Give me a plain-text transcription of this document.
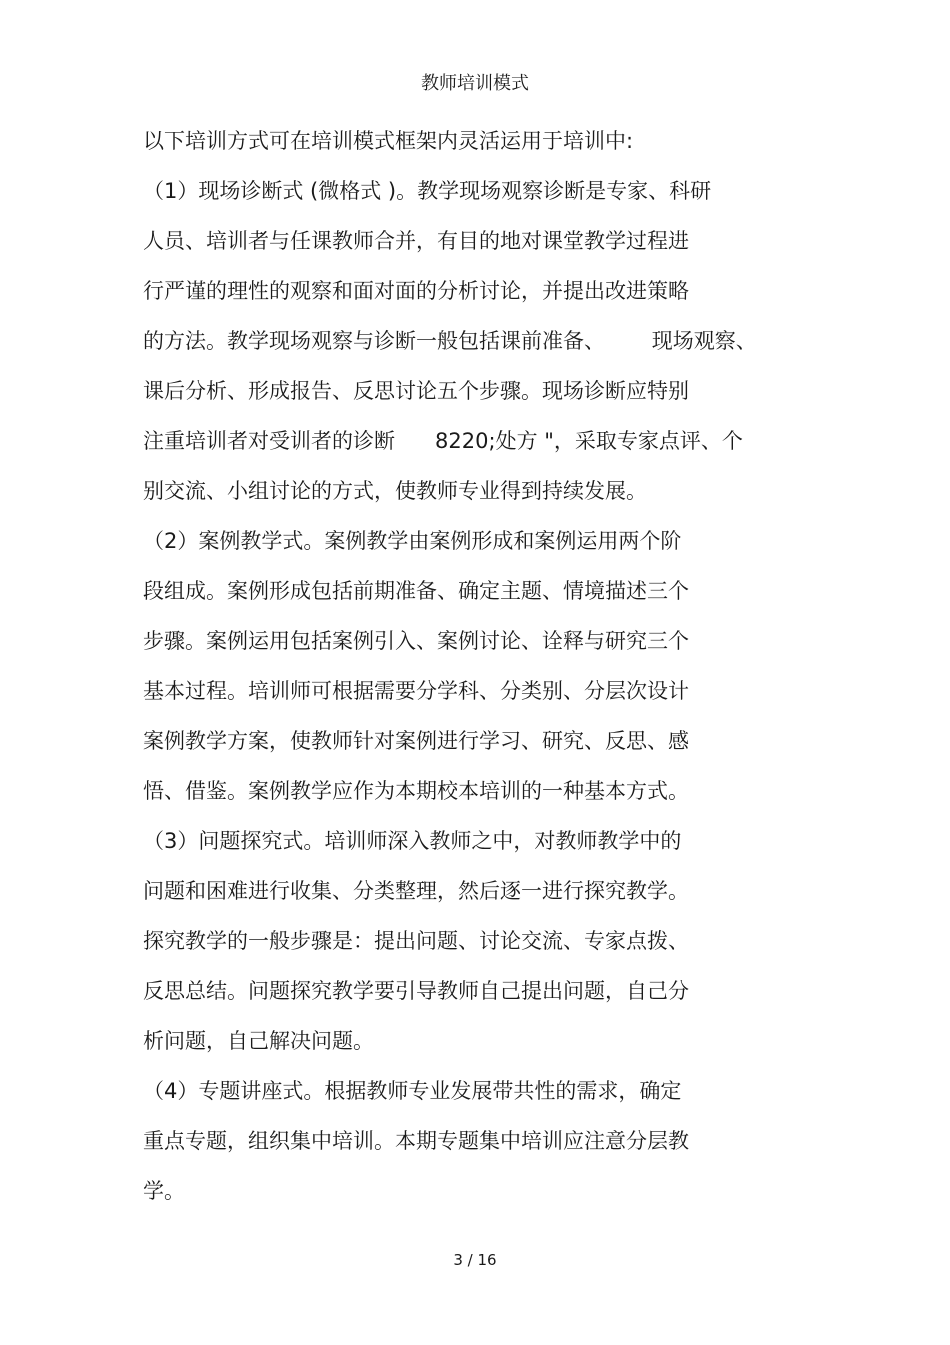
教师培训模式
以下培训方式可在培训模式框架内灵活运用于培训中:
（1）现场诊断式 (微格式 )。教学现场观察诊断是专家、科研
人员、培训者与任课教师合并，有目的地对课堂教学过程进
行严谨的理性的观察和面对面的分析讨论，并提出改进策略
的方法。教学现场观察与诊断一般包括课前准备、       现场观察、
课后分析、形成报告、反思讨论五个步骤。现场诊断应特别
注重培训者对受训者的诊断      8220;处方 "，采取专家点评、个
别交流、小组讨论的方式，使教师专业得到持续发展。
（2）案例教学式。案例教学由案例形成和案例运用两个阶
段组成。案例形成包括前期准备、确定主题、情境描述三个
步骤。案例运用包括案例引入、案例讨论、诠释与研究三个
基本过程。培训师可根据需要分学科、分类别、分层次设计
案例教学方案，使教师针对案例进行学习、研究、反思、感
悟、借鉴。案例教学应作为本期校本培训的一种基本方式。
（3）问题探究式。培训师深入教师之中，对教师教学中的
问题和困难进行收集、分类整理，然后逐一进行探究教学。
探究教学的一般步骤是：提出问题、讨论交流、专家点拨、
反思总结。问题探究教学要引导教师自己提出问题，自己分
析问题，自己解决问题。
（4）专题讲座式。根据教师专业发展带共性的需求，确定
重点专题，组织集中培训。本期专题集中培训应注意分层教
学。
3 / 16
